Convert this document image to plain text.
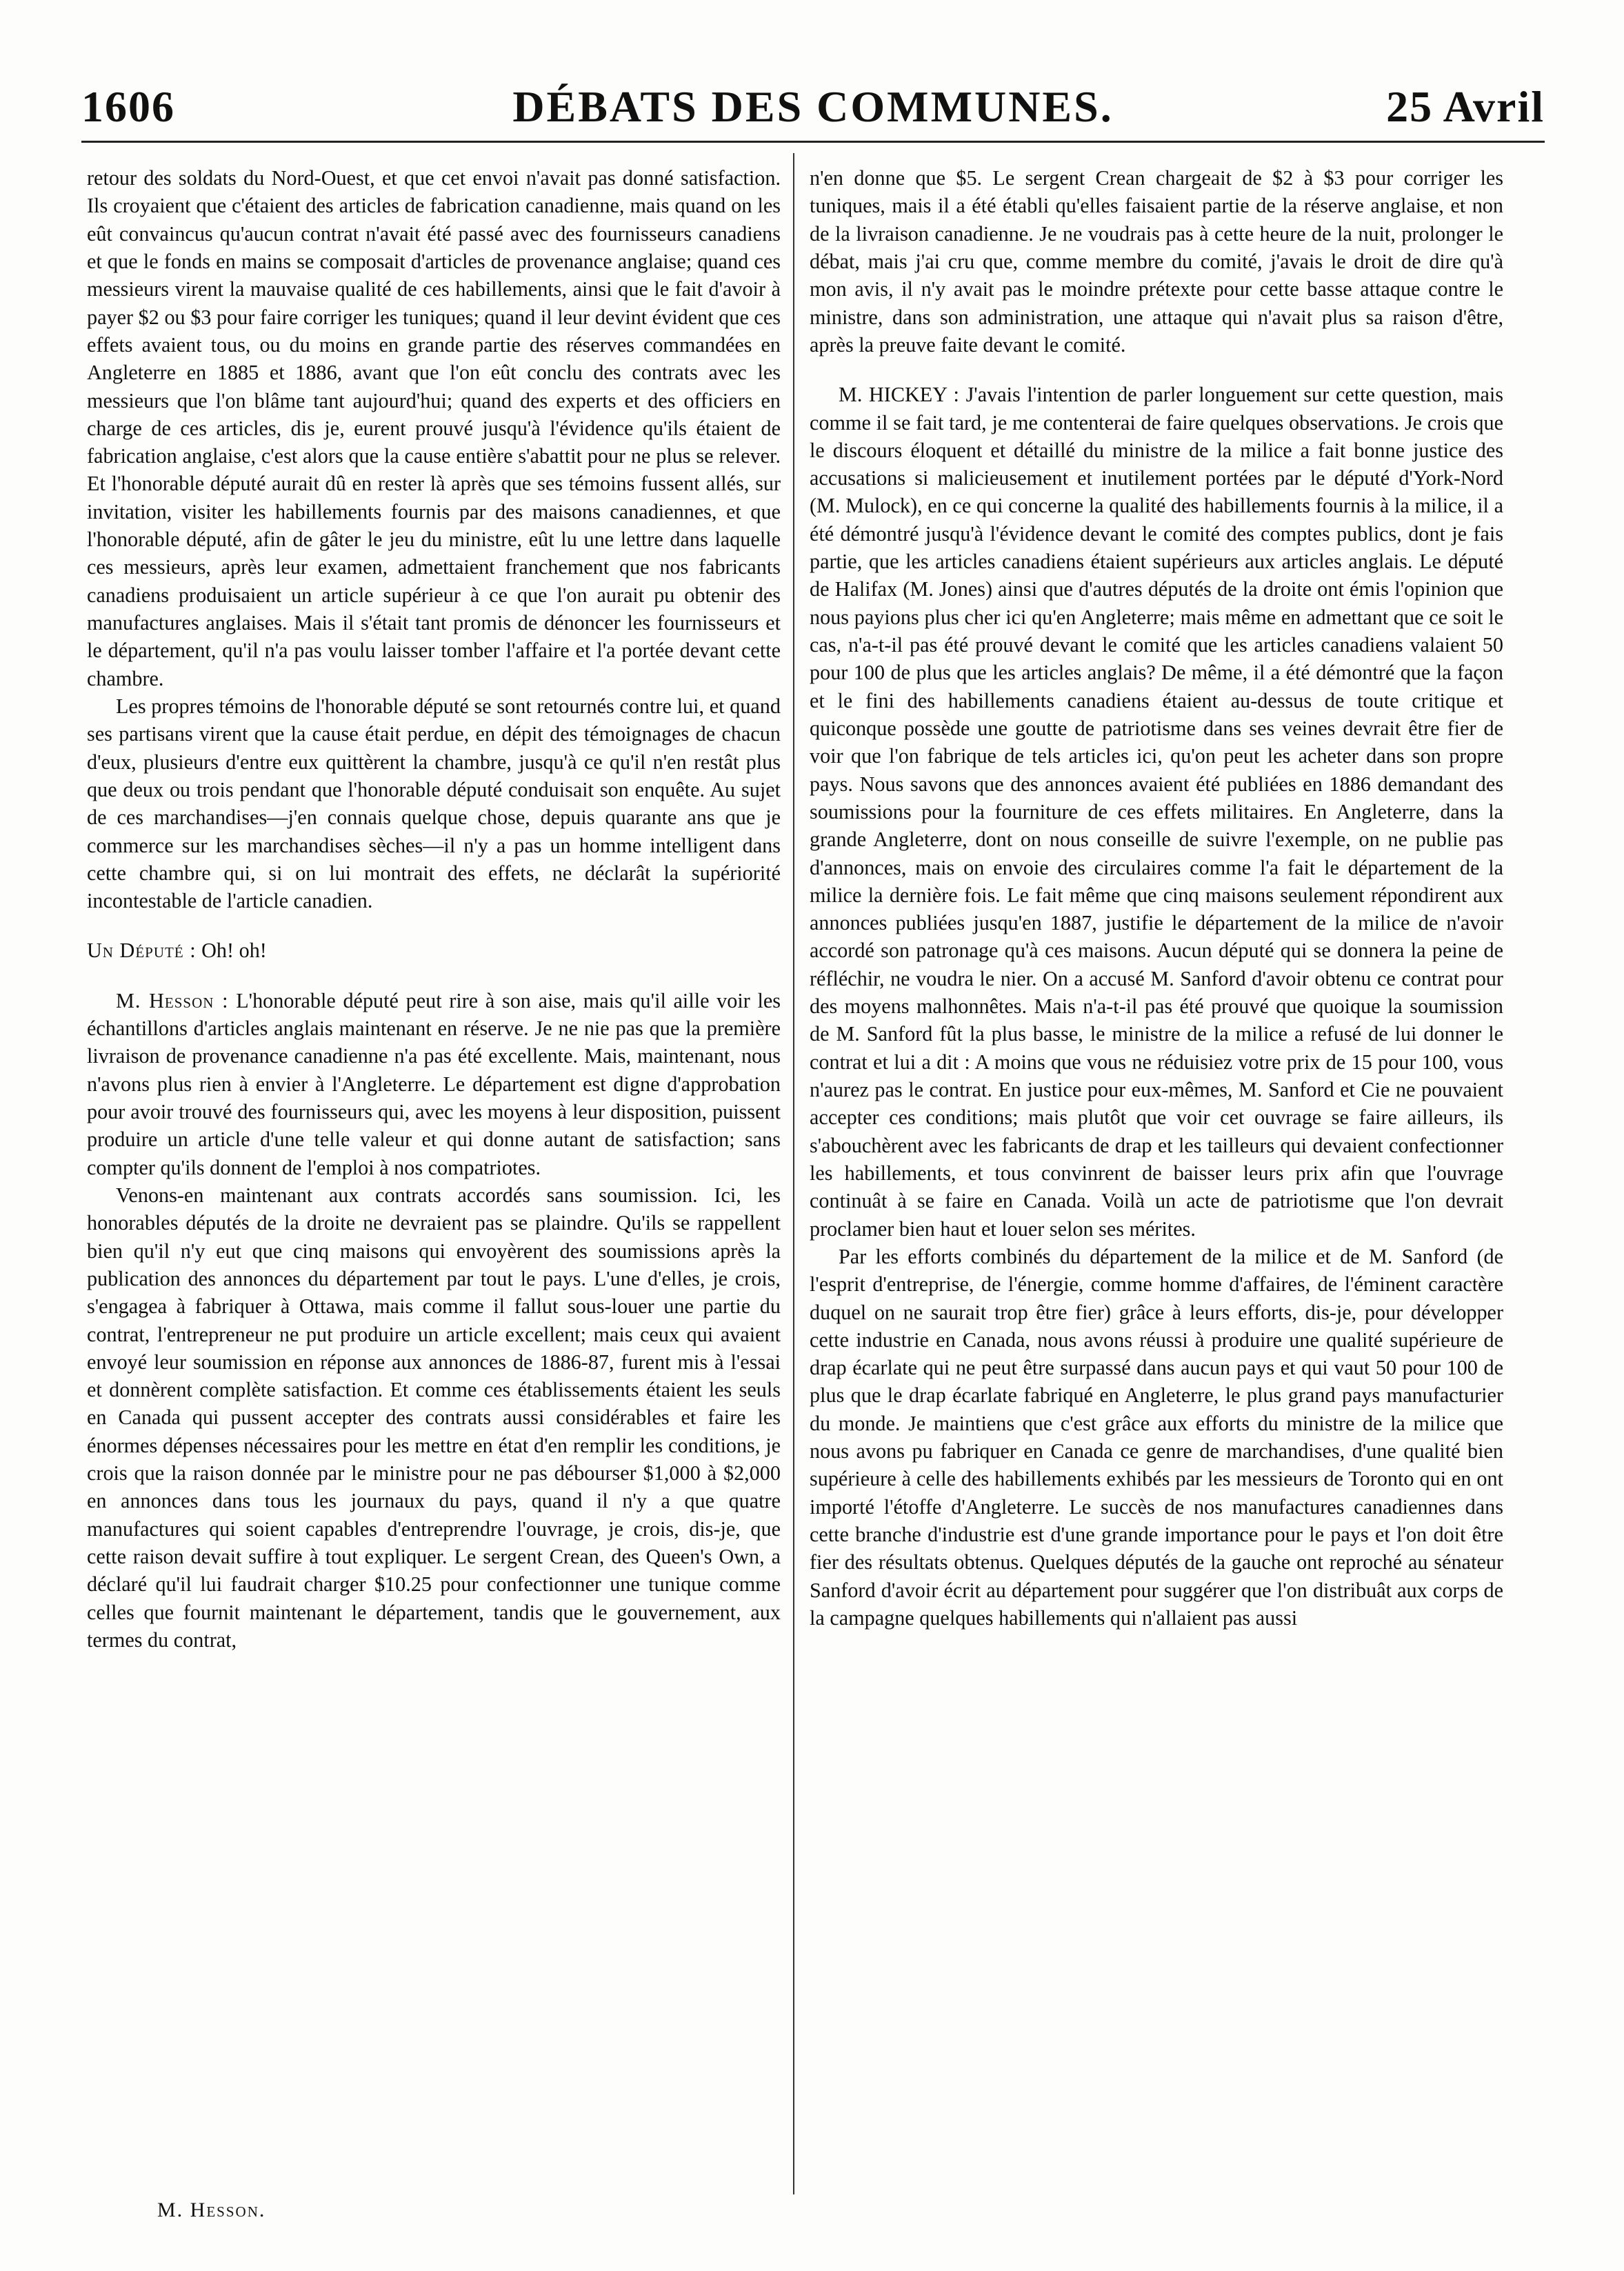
1606	DÉBATS DES COMMUNES.	25 Avril

retour des soldats du Nord-Ouest, et que cet envoi n'avait pas donné satisfaction. Ils croyaient que c'étaient des articles de fabrication canadienne, mais quand on les eût convaincus qu'aucun contrat n'avait été passé avec des fournisseurs canadiens et que le fonds en mains se composait d'articles de provenance anglaise; quand ces messieurs virent la mauvaise qualité de ces habillements, ainsi que le fait d'avoir à payer $2 ou $3 pour faire corriger les tuniques; quand il leur devint évident que ces effets avaient tous, ou du moins en grande partie des réserves commandées en Angleterre en 1885 et 1886, avant que l'on eût conclu des contrats avec les messieurs que l'on blâme tant aujourd'hui; quand des experts et des officiers en charge de ces articles, dis je, eurent prouvé jusqu'à l'évidence qu'ils étaient de fabrication anglaise, c'est alors que la cause entière s'abattit pour ne plus se relever. Et l'honorable député aurait dû en rester là après que ses témoins fussent allés, sur invitation, visiter les habillements fournis par des maisons canadiennes, et que l'honorable député, afin de gâter le jeu du ministre, eût lu une lettre dans laquelle ces messieurs, après leur examen, admettaient franchement que nos fabricants canadiens produisaient un article supérieur à ce que l'on aurait pu obtenir des manufactures anglaises. Mais il s'était tant promis de dénoncer les fournisseurs et le département, qu'il n'a pas voulu laisser tomber l'affaire et l'a portée devant cette chambre.

Les propres témoins de l'honorable député se sont retournés contre lui, et quand ses partisans virent que la cause était perdue, en dépit des témoignages de chacun d'eux, plusieurs d'entre eux quittèrent la chambre, jusqu'à ce qu'il n'en restât plus que deux ou trois pendant que l'honorable député conduisait son enquête. Au sujet de ces marchandises—j'en connais quelque chose, depuis quarante ans que je commerce sur les marchandises sèches—il n'y a pas un homme intelligent dans cette chambre qui, si on lui montrait des effets, ne déclarât la supériorité incontestable de l'article canadien.

Un Député : Oh! oh!

M. Hesson : L'honorable député peut rire à son aise, mais qu'il aille voir les échantillons d'articles anglais maintenant en réserve. Je ne nie pas que la première livraison de provenance canadienne n'a pas été excellente. Mais, maintenant, nous n'avons plus rien à envier à l'Angleterre. Le département est digne d'approbation pour avoir trouvé des fournisseurs qui, avec les moyens à leur disposition, puissent produire un article d'une telle valeur et qui donne autant de satisfaction; sans compter qu'ils donnent de l'emploi à nos compatriotes.

Venons-en maintenant aux contrats accordés sans soumission. Ici, les honorables députés de la droite ne devraient pas se plaindre. Qu'ils se rappellent bien qu'il n'y eut que cinq maisons qui envoyèrent des soumissions après la publication des annonces du département par tout le pays. L'une d'elles, je crois, s'engagea à fabriquer à Ottawa, mais comme il fallut sous-louer une partie du contrat, l'entrepreneur ne put produire un article excellent; mais ceux qui avaient envoyé leur soumission en réponse aux annonces de 1886-87, furent mis à l'essai et donnèrent complète satisfaction. Et comme ces établissements étaient les seuls en Canada qui pussent accepter des contrats aussi considérables et faire les énormes dépenses nécessaires pour les mettre en état d'en remplir les conditions, je crois que la raison donnée par le ministre pour ne pas débourser $1,000 à $2,000 en annonces dans tous les journaux du pays, quand il n'y a que quatre manufactures qui soient capables d'entreprendre l'ouvrage, je crois, dis-je, que cette raison devait suffire à tout expliquer. Le sergent Crean, des Queen's Own, a déclaré qu'il lui faudrait charger $10.25 pour confectionner une tunique comme celles que fournit maintenant le département, tandis que le gouvernement, aux termes du contrat,

n'en donne que $5. Le sergent Crean chargeait de $2 à $3 pour corriger les tuniques, mais il a été établi qu'elles faisaient partie de la réserve anglaise, et non de la livraison canadienne. Je ne voudrais pas à cette heure de la nuit, prolonger le débat, mais j'ai cru que, comme membre du comité, j'avais le droit de dire qu'à mon avis, il n'y avait pas le moindre prétexte pour cette basse attaque contre le ministre, dans son administration, une attaque qui n'avait plus sa raison d'être, après la preuve faite devant le comité.

M. HICKEY : J'avais l'intention de parler longuement sur cette question, mais comme il se fait tard, je me contenterai de faire quelques observations. Je crois que le discours éloquent et détaillé du ministre de la milice a fait bonne justice des accusations si malicieusement et inutilement portées par le député d'York-Nord (M. Mulock), en ce qui concerne la qualité des habillements fournis à la milice, il a été démontré jusqu'à l'évidence devant le comité des comptes publics, dont je fais partie, que les articles canadiens étaient supérieurs aux articles anglais. Le député de Halifax (M. Jones) ainsi que d'autres députés de la droite ont émis l'opinion que nous payions plus cher ici qu'en Angleterre; mais même en admettant que ce soit le cas, n'a-t-il pas été prouvé devant le comité que les articles canadiens valaient 50 pour 100 de plus que les articles anglais? De même, il a été démontré que la façon et le fini des habillements canadiens étaient au-dessus de toute critique et quiconque possède une goutte de patriotisme dans ses veines devrait être fier de voir que l'on fabrique de tels articles ici, qu'on peut les acheter dans son propre pays. Nous savons que des annonces avaient été publiées en 1886 demandant des soumissions pour la fourniture de ces effets militaires. En Angleterre, dans la grande Angleterre, dont on nous conseille de suivre l'exemple, on ne publie pas d'annonces, mais on envoie des circulaires comme l'a fait le département de la milice la dernière fois. Le fait même que cinq maisons seulement répondirent aux annonces publiées jusqu'en 1887, justifie le département de la milice de n'avoir accordé son patronage qu'à ces maisons. Aucun député qui se donnera la peine de réfléchir, ne voudra le nier. On a accusé M. Sanford d'avoir obtenu ce contrat pour des moyens malhonnêtes. Mais n'a-t-il pas été prouvé que quoique la soumission de M. Sanford fût la plus basse, le ministre de la milice a refusé de lui donner le contrat et lui a dit : A moins que vous ne réduisiez votre prix de 15 pour 100, vous n'aurez pas le contrat. En justice pour eux-mêmes, M. Sanford et Cie ne pouvaient accepter ces conditions; mais plutôt que voir cet ouvrage se faire ailleurs, ils s'abouchèrent avec les fabricants de drap et les tailleurs qui devaient confectionner les habillements, et tous convinrent de baisser leurs prix afin que l'ouvrage continuât à se faire en Canada. Voilà un acte de patriotisme que l'on devrait proclamer bien haut et louer selon ses mérites.

Par les efforts combinés du département de la milice et de M. Sanford (de l'esprit d'entreprise, de l'énergie, comme homme d'affaires, de l'éminent caractère duquel on ne saurait trop être fier) grâce à leurs efforts, dis-je, pour développer cette industrie en Canada, nous avons réussi à produire une qualité supérieure de drap écarlate qui ne peut être surpassé dans aucun pays et qui vaut 50 pour 100 de plus que le drap écarlate fabriqué en Angleterre, le plus grand pays manufacturier du monde. Je maintiens que c'est grâce aux efforts du ministre de la milice que nous avons pu fabriquer en Canada ce genre de marchandises, d'une qualité bien supérieure à celle des habillements exhibés par les messieurs de Toronto qui en ont importé l'étoffe d'Angleterre. Le succès de nos manufactures canadiennes dans cette branche d'industrie est d'une grande importance pour le pays et l'on doit être fier des résultats obtenus. Quelques députés de la gauche ont reproché au sénateur Sanford d'avoir écrit au département pour suggérer que l'on distribuât aux corps de la campagne quelques habillements qui n'allaient pas aussi

M. Hesson.
